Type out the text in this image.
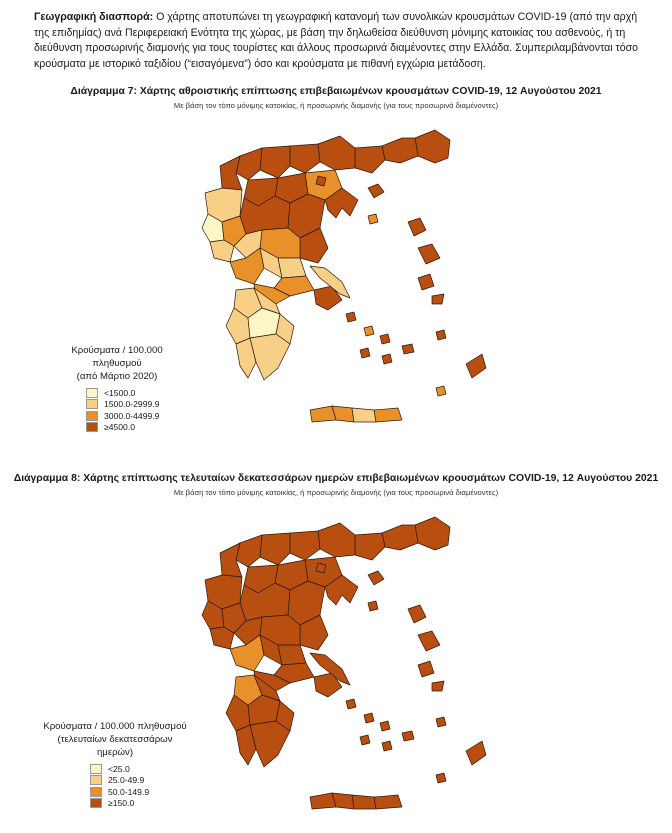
Γεωγραφική διασπορά: Ο χάρτης αποτυπώνει τη γεωγραφική κατανομή των συνολικών κρουσμάτων COVID-19 (από την αρχή της επιδημίας) ανά Περιφερειακή Ενότητα της χώρας, με βάση την δηλωθείσα διεύθυνση μόνιμης κατοικίας του ασθενούς, ή τη διεύθυνση προσωρινής διαμονής για τους τουρίστες και άλλους προσωρινά διαμένοντες στην Ελλάδα. Συμπεριλαμβάνονται τόσο κρούσματα με ιστορικό ταξιδίου (“εισαγόμενα”) όσο και κρούσματα με πιθανή εγχώρια μετάδοση.
Διάγραμμα 7: Χάρτης αθροιστικής επίπτωσης επιβεβαιωμένων κρουσμάτων COVID-19, 12 Αυγούστου 2021
Με βάση τον τόπο μόνιμης κατοικίας, ή προσωρινής διαμονής (για τους προσωρινά διαμένοντες)
Κρούσματα / 100.000 πληθυσμού
(από Μάρτιο 2020)
<1500.0
1500.0-2999.9
3000.0-4499.9
≥4500.0
Διάγραμμα 8: Χάρτης επίπτωσης τελευταίων δεκατεσσάρων ημερών επιβεβαιωμένων κρουσμάτων COVID-19, 12 Αυγούστου 2021
Με βάση τον τόπο μόνιμης κατοικίας, ή προσωρινής διαμονής (για τους προσωρινά διαμένοντες)
Κρούσματα / 100.000 πληθυσμού
(τελευταίων δεκατεσσάρων ημερών)
<25.0
25.0-49.9
50.0-149.9
≥150.0
